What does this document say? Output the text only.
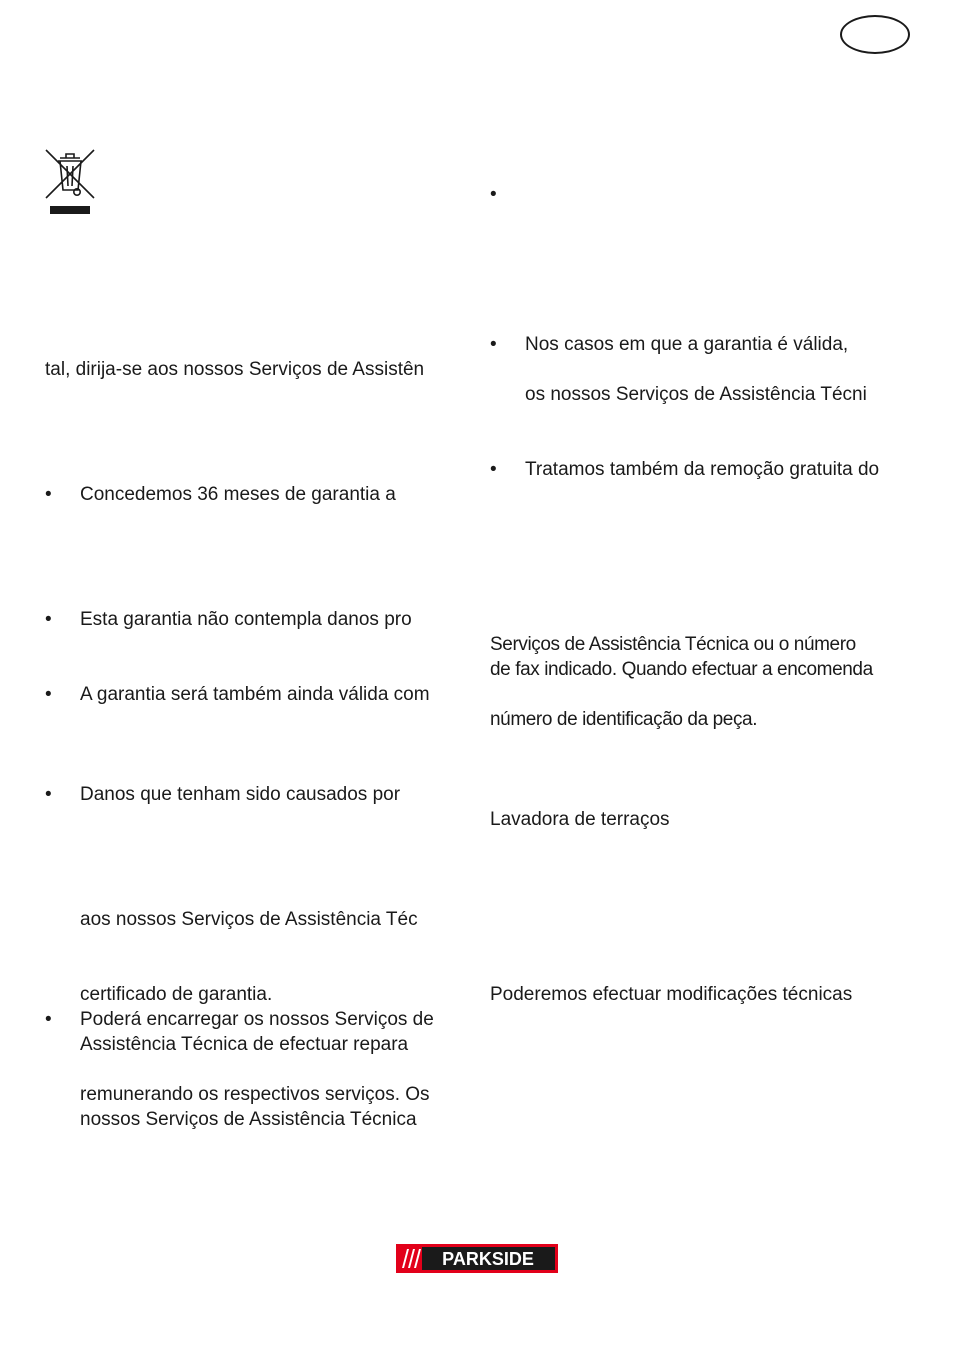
tal, dirija-se aos nossos Serviços de Assistên
• Concedemos 36 meses de garantia a
• Esta garantia não contempla danos pro
• A garantia será também ainda válida com
• Danos que tenham sido causados por
aos nossos Serviços de Assistência Téc
certificado de garantia.
• Poderá encarregar os nossos Serviços de
Assistência Técnica de efectuar repara
remunerando os respectivos serviços. Os
nossos Serviços de Assistência Técnica
•
• Nos casos em que a garantia é válida,
os nossos Serviços de Assistência Técni
• Tratamos também da remoção gratuita do
Serviços de Assistência Técnica ou o número
de fax indicado. Quando efectuar a encomenda
número de identificação da peça.
Lavadora de terraços
Poderemos efectuar modificações técnicas
PARKSIDE
